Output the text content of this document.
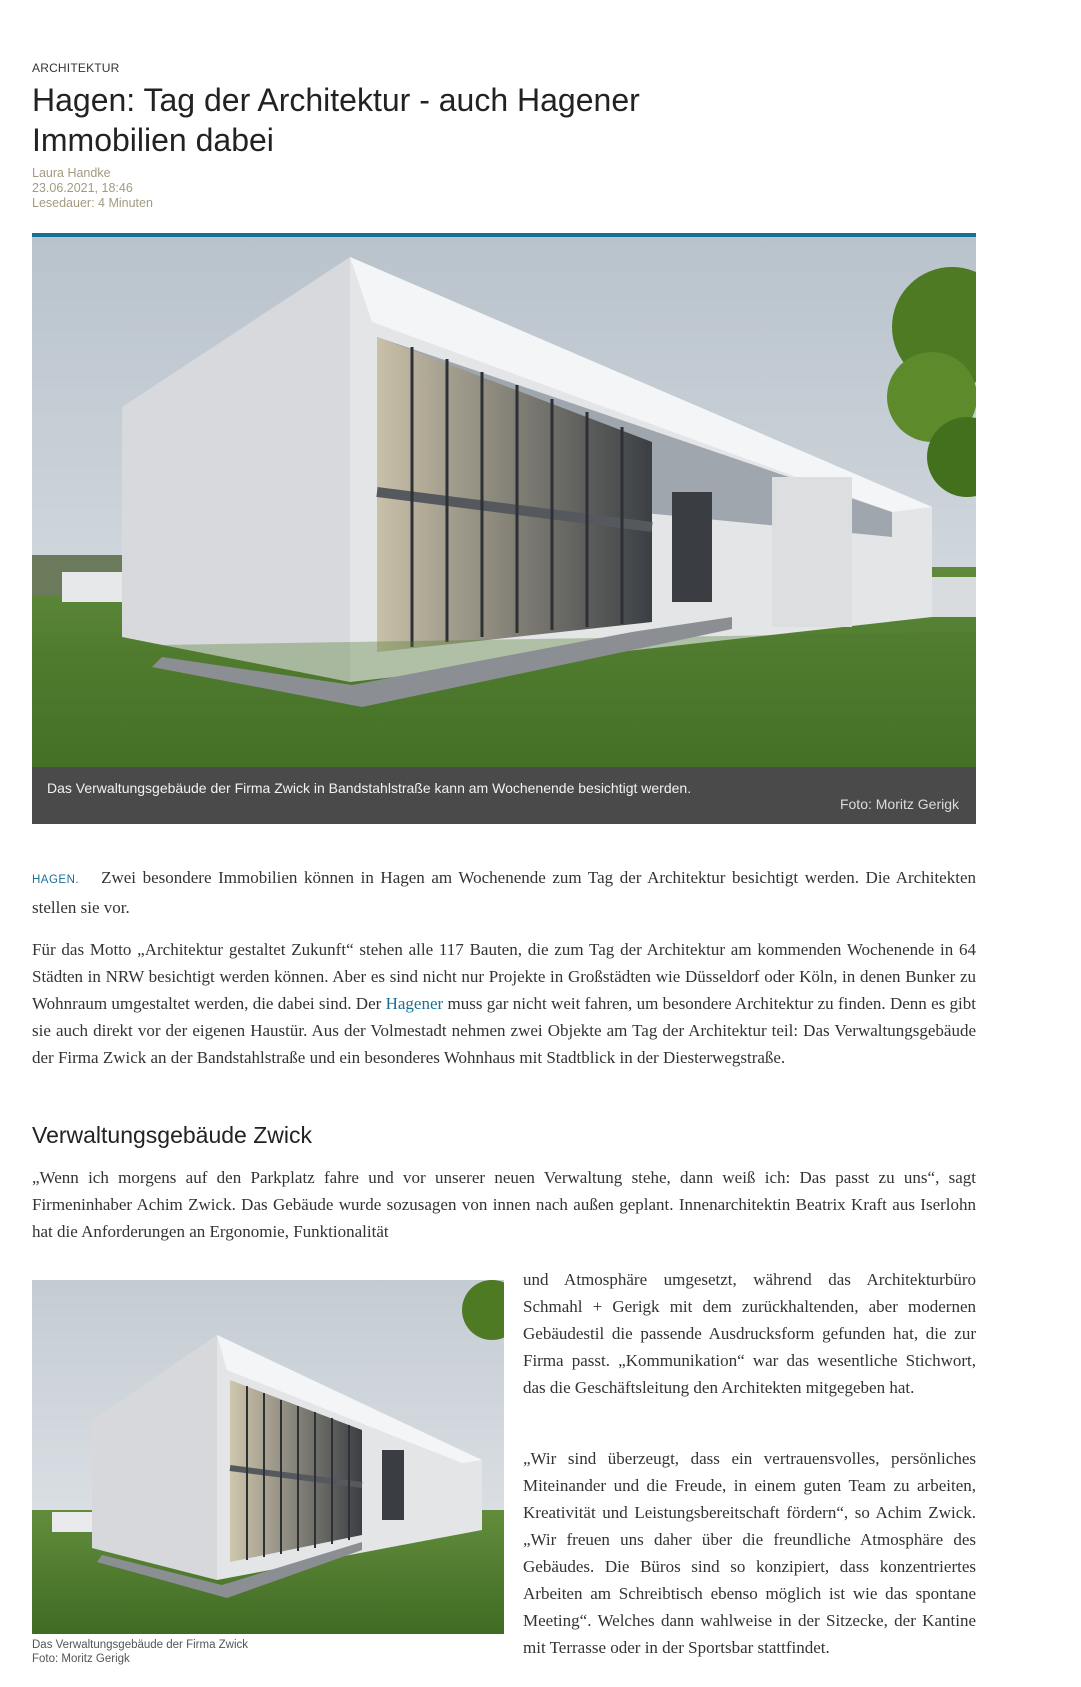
ARCHITEKTUR
Hagen: Tag der Architektur - auch Hagener Immobilien dabei
Laura Handke
23.06.2021, 18:46
Lesedauer: 4 Minuten
Das Verwaltungsgebäude der Firma Zwick in Bandstahlstraße kann am Wochenende besichtigt werden.
Foto: Moritz Gerigk

HAGEN. Zwei besondere Immobilien können in Hagen am Wochenende zum Tag der Architektur besichtigt werden. Die Architekten stellen sie vor.

Für das Motto „Architektur gestaltet Zukunft“ stehen alle 117 Bauten, die zum Tag der Architektur am kommenden Wochenende in 64 Städten in NRW besichtigt werden können. Aber es sind nicht nur Projekte in Großstädten wie Düsseldorf oder Köln, in denen Bunker zu Wohnraum umgestaltet werden, die dabei sind. Der Hagener muss gar nicht weit fahren, um besondere Architektur zu finden. Denn es gibt sie auch direkt vor der eigenen Haustür. Aus der Volmestadt nehmen zwei Objekte am Tag der Architektur teil: Das Verwaltungsgebäude der Firma Zwick an der Bandstahlstraße und ein besonderes Wohnhaus mit Stadtblick in der Diesterwegstraße.

Verwaltungsgebäude Zwick

„Wenn ich morgens auf den Parkplatz fahre und vor unserer neuen Verwaltung stehe, dann weiß ich: Das passt zu uns“, sagt Firmeninhaber Achim Zwick. Das Gebäude wurde sozusagen von innen nach außen geplant. Innenarchitektin Beatrix Kraft aus Iserlohn hat die Anforderungen an Ergonomie, Funktionalität

Das Verwaltungsgebäude der Firma Zwick
Foto: Moritz Gerigk

und Atmosphäre umgesetzt, während das Architekturbüro Schmahl + Gerigk mit dem zurückhaltenden, aber modernen Gebäudestil die passende Ausdrucksform gefunden hat, die zur Firma passt. „Kommunikation“ war das wesentliche Stichwort, das die Geschäftsleitung den Architekten mitgegeben hat.

„Wir sind überzeugt, dass ein vertrauensvolles, persönliches Miteinander und die Freude, in einem guten Team zu arbeiten, Kreativität und Leistungsbereitschaft fördern“, so Achim Zwick. „Wir freuen uns daher über die freundliche Atmosphäre des Gebäudes. Die Büros sind so konzipiert, dass konzentriertes Arbeiten am Schreibtisch ebenso möglich ist wie das spontane Meeting“. Welches dann wahlweise in der Sitzecke, der Kantine mit Terrasse oder in der Sportsbar stattfindet.
